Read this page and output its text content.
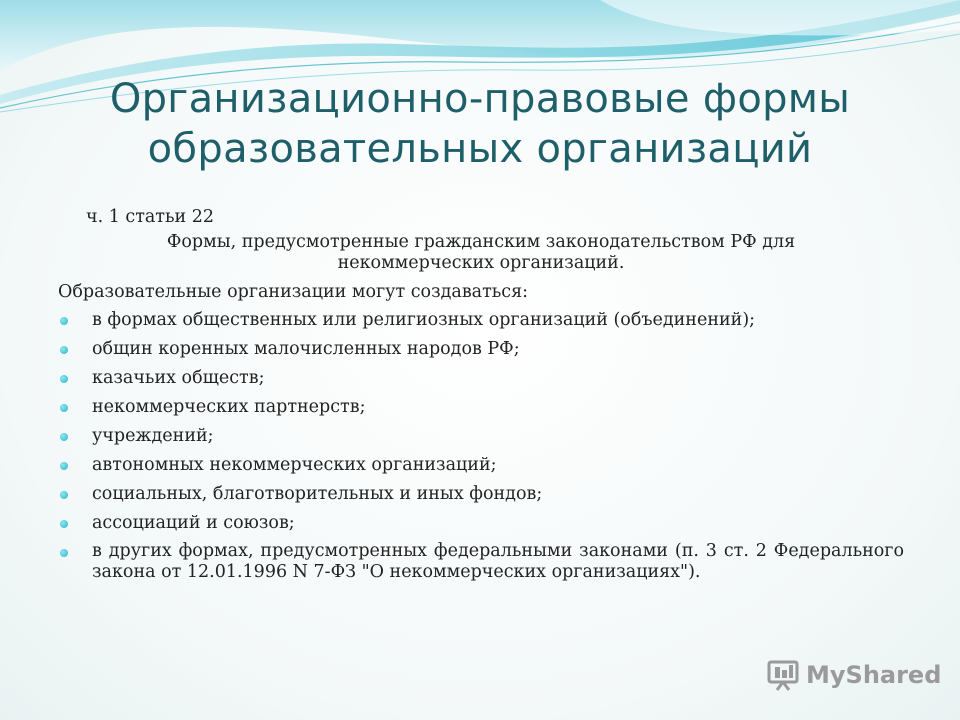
Организационно-правовые формы
образовательных организаций
ч. 1 статьи 22
Формы, предусмотренные гражданским законодательством РФ для некоммерческих организаций.
Образовательные организации могут создаваться:
в формах общественных или религиозных организаций (объединений);
общин коренных малочисленных народов РФ;
казачьих обществ;
некоммерческих партнерств;
учреждений;
автономных некоммерческих организаций;
социальных, благотворительных и иных фондов;
ассоциаций и союзов;
в других формах, предусмотренных федеральными законами (п. 3 ст. 2 Федерального закона от 12.01.1996 N 7-ФЗ "О некоммерческих организациях").
MyShared
